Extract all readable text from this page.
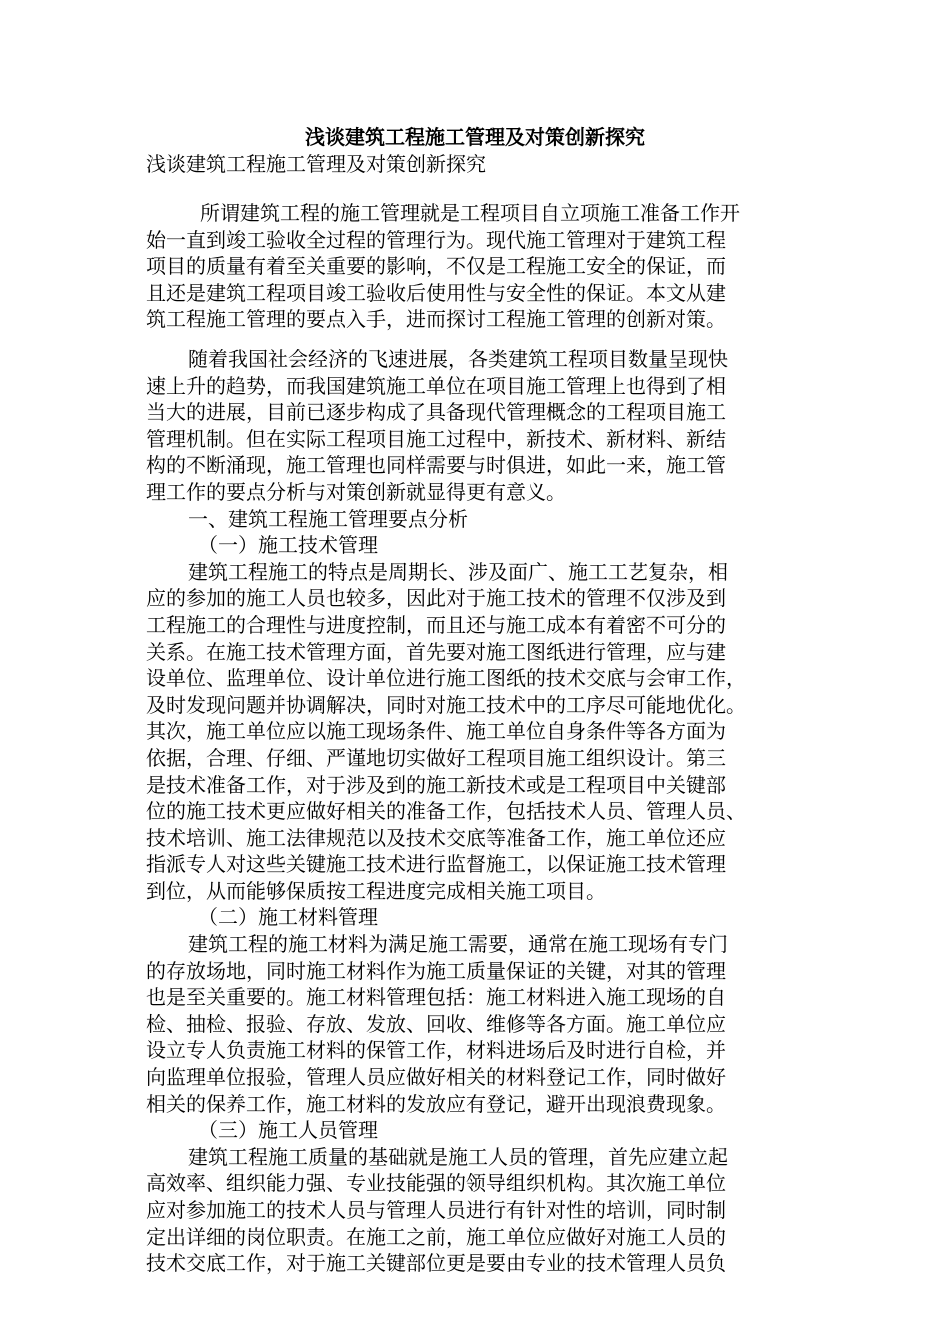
浅谈建筑工程施工管理及对策创新探究
浅谈建筑工程施工管理及对策创新探究
所谓建筑工程的施工管理就是工程项目自立项施工准备工作开
始一直到竣工验收全过程的管理行为。现代施工管理对于建筑工程
项目的质量有着至关重要的影响，不仅是工程施工安全的保证，而
且还是建筑工程项目竣工验收后使用性与安全性的保证。本文从建
筑工程施工管理的要点入手，进而探讨工程施工管理的创新对策。
随着我国社会经济的飞速进展，各类建筑工程项目数量呈现快
速上升的趋势，而我国建筑施工单位在项目施工管理上也得到了相
当大的进展，目前已逐步构成了具备现代管理概念的工程项目施工
管理机制。但在实际工程项目施工过程中，新技术、新材料、新结
构的不断涌现，施工管理也同样需要与时俱进，如此一来，施工管
理工作的要点分析与对策创新就显得更有意义。
一、建筑工程施工管理要点分析
（一）施工技术管理
建筑工程施工的特点是周期长、涉及面广、施工工艺复杂，相
应的参加的施工人员也较多，因此对于施工技术的管理不仅涉及到
工程施工的合理性与进度控制，而且还与施工成本有着密不可分的
关系。在施工技术管理方面，首先要对施工图纸进行管理，应与建
设单位、监理单位、设计单位进行施工图纸的技术交底与会审工作，
及时发现问题并协调解决，同时对施工技术中的工序尽可能地优化。
其次，施工单位应以施工现场条件、施工单位自身条件等各方面为
依据，合理、仔细、严谨地切实做好工程项目施工组织设计。第三
是技术准备工作，对于涉及到的施工新技术或是工程项目中关键部
位的施工技术更应做好相关的准备工作，包括技术人员、管理人员、
技术培训、施工法律规范以及技术交底等准备工作，施工单位还应
指派专人对这些关键施工技术进行监督施工，以保证施工技术管理
到位，从而能够保质按工程进度完成相关施工项目。
（二）施工材料管理
建筑工程的施工材料为满足施工需要，通常在施工现场有专门
的存放场地，同时施工材料作为施工质量保证的关键，对其的管理
也是至关重要的。施工材料管理包括：施工材料进入施工现场的自
检、抽检、报验、存放、发放、回收、维修等各方面。施工单位应
设立专人负责施工材料的保管工作，材料进场后及时进行自检，并
向监理单位报验，管理人员应做好相关的材料登记工作，同时做好
相关的保养工作，施工材料的发放应有登记，避开出现浪费现象。
（三）施工人员管理
建筑工程施工质量的基础就是施工人员的管理，首先应建立起
高效率、组织能力强、专业技能强的领导组织机构。其次施工单位
应对参加施工的技术人员与管理人员进行有针对性的培训，同时制
定出详细的岗位职责。在施工之前，施工单位应做好对施工人员的
技术交底工作，对于施工关键部位更是要由专业的技术管理人员负
